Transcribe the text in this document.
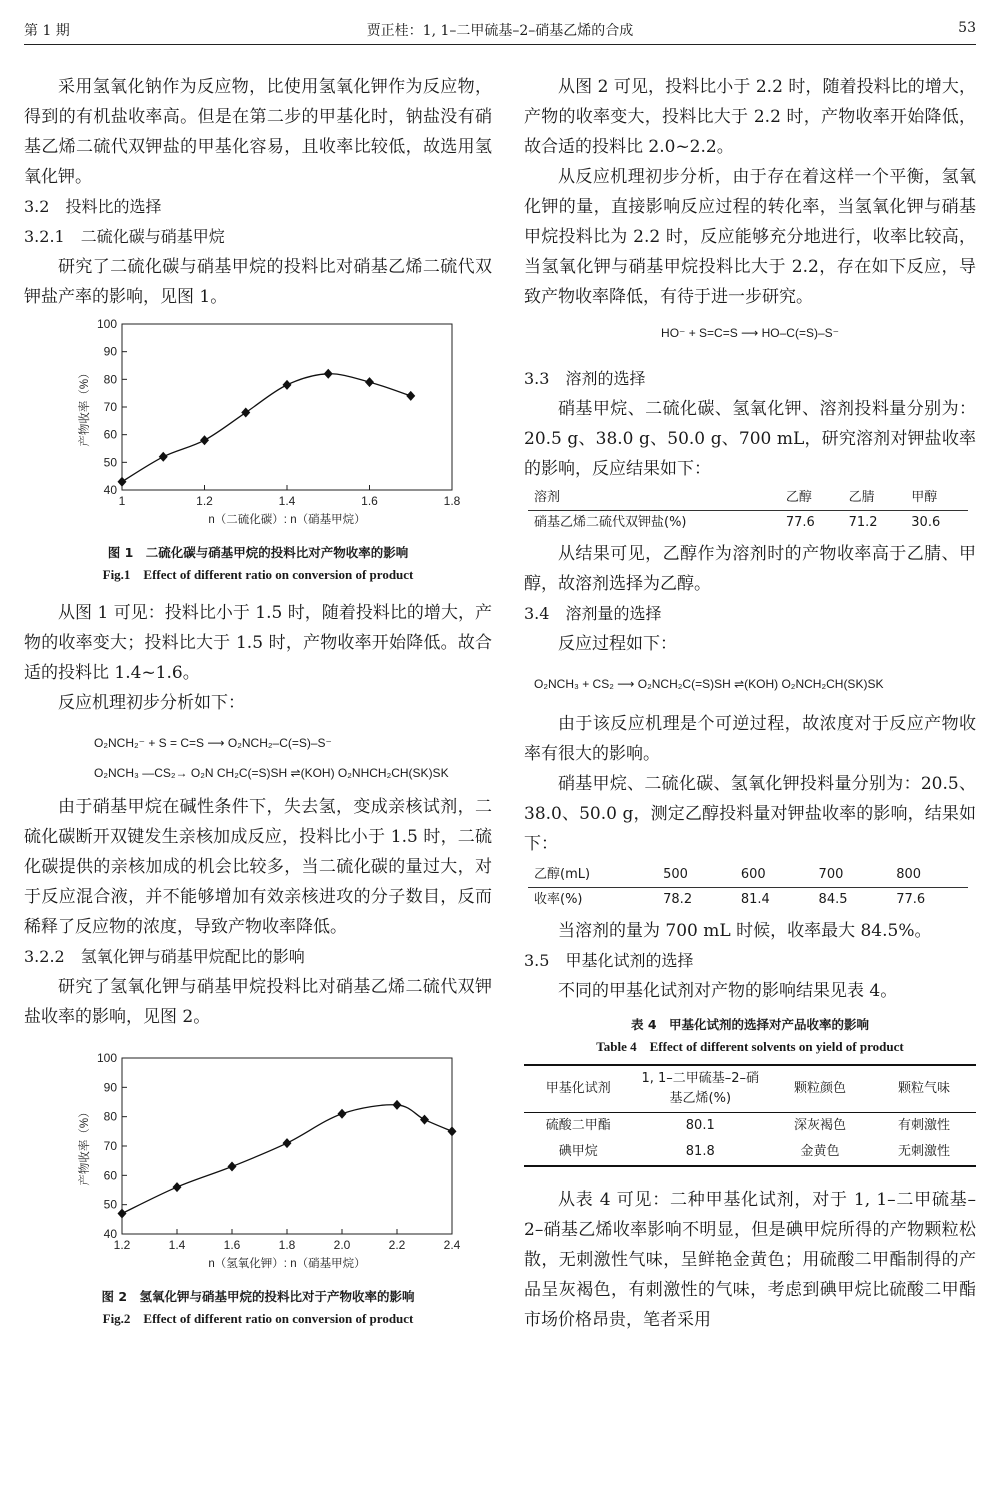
第 1 期	贾正桂：1, 1–二甲硫基–2–硝基乙烯的合成	53

采用氢氧化钠作为反应物，比使用氢氧化钾作为反应物，得到的有机盐收率高。但是在第二步的甲基化时，钠盐没有硝基乙烯二硫代双钾盐的甲基化容易，且收率比较低，故选用氢氧化钾。

3.2　投料比的选择
3.2.1　二硫化碳与硝基甲烷

研究了二硫化碳与硝基甲烷的投料比对硝基乙烯二硫代双钾盐产率的影响，见图 1。

40
50
60
70
80
90
100
1	1.2	1.4	1.6	1.8
n（二硫化碳）: n（硝基甲烷）
产物收率（%）
图 1　二硫化碳与硝基甲烷的投料比对产物收率的影响
Fig.1　Effect of different ratio on conversion of product

从图 1 可见：投料比小于 1.5 时，随着投料比的增大，产物的收率变大；投料比大于 1.5 时，产物收率开始降低。故合适的投料比 1.4~1.6。

反应机理初步分析如下：

O₂NCH₂⁻ + S = C=S ⟶ O₂NCH₂–C(=S)–S⁻
O₂NCH₃ —CS₂→ O₂N CH₂C(=S)SH ⇌(KOH) O₂NHCH₂CH(SK)SK

由于硝基甲烷在碱性条件下，失去氢，变成亲核试剂，二硫化碳断开双键发生亲核加成反应，投料比小于 1.5 时，二硫化碳提供的亲核加成的机会比较多，当二硫化碳的量过大，对于反应混合液，并不能够增加有效亲核进攻的分子数目，反而稀释了反应物的浓度，导致产物收率降低。

3.2.2　氢氧化钾与硝基甲烷配比的影响

研究了氢氧化钾与硝基甲烷投料比对硝基乙烯二硫代双钾盐收率的影响，见图 2。

40
50
60
70
80
90
100
1.2	1.4	1.6	1.8	2.0	2.2	2.4
n（氢氧化钾）: n（硝基甲烷）
产物收率（%）
图 2　氢氧化钾与硝基甲烷的投料比对于产物收率的影响
Fig.2　Effect of different ratio on conversion of product

从图 2 可见，投料比小于 2.2 时，随着投料比的增大，产物的收率变大，投料比大于 2.2 时，产物收率开始降低，故合适的投料比 2.0~2.2。

从反应机理初步分析，由于存在着这样一个平衡，氢氧化钾的量，直接影响反应过程的转化率，当氢氧化钾与硝基甲烷投料比为 2.2 时，反应能够充分地进行，收率比较高，当氢氧化钾与硝基甲烷投料比大于 2.2，存在如下反应，导致产物收率降低，有待于进一步研究。

HO⁻ + S=C=S ⟶ HO–C(=S)–S⁻
3.3　溶剂的选择

硝基甲烷、二硫化碳、氢氧化钾、溶剂投料量分别为：20.5 g、38.0 g、50.0 g、700 mL，研究溶剂对钾盐收率的影响，反应结果如下：

溶剂	乙醇	乙腈	甲醇
硝基乙烯二硫代双钾盐(%)	77.6	71.2	30.6

从结果可见，乙醇作为溶剂时的产物收率高于乙腈、甲醇，故溶剂选择为乙醇。

3.4　溶剂量的选择

反应过程如下：

O₂NCH₃ + CS₂ ⟶ O₂NCH₂C(=S)SH ⇌(KOH) O₂NCH₂CH(SK)SK

由于该反应机理是个可逆过程，故浓度对于反应产物收率有很大的影响。

硝基甲烷、二硫化碳、氢氧化钾投料量分别为：20.5、38.0、50.0 g，测定乙醇投料量对钾盐收率的影响，结果如下：

乙醇(mL)	500	600	700	800
收率(%)	78.2	81.4	84.5	77.6

当溶剂的量为 700 mL 时候，收率最大 84.5%。

3.5　甲基化试剂的选择

不同的甲基化试剂对产物的影响结果见表 4。

表 4　甲基化试剂的选择对产品收率的影响
Table 4　Effect of different solvents on yield of product
甲基化试剂	1, 1–二甲硫基–2–硝基乙烯(%)	颗粒颜色	颗粒气味
硫酸二甲酯	80.1	深灰褐色	有刺激性
碘甲烷	81.8	金黄色	无刺激性

从表 4 可见：二种甲基化试剂，对于 1, 1–二甲硫基–2–硝基乙烯收率影响不明显，但是碘甲烷所得的产物颗粒松散，无刺激性气味，呈鲜艳金黄色；用硫酸二甲酯制得的产品呈灰褐色，有刺激性的气味，考虑到碘甲烷比硫酸二甲酯市场价格昂贵，笔者采用
